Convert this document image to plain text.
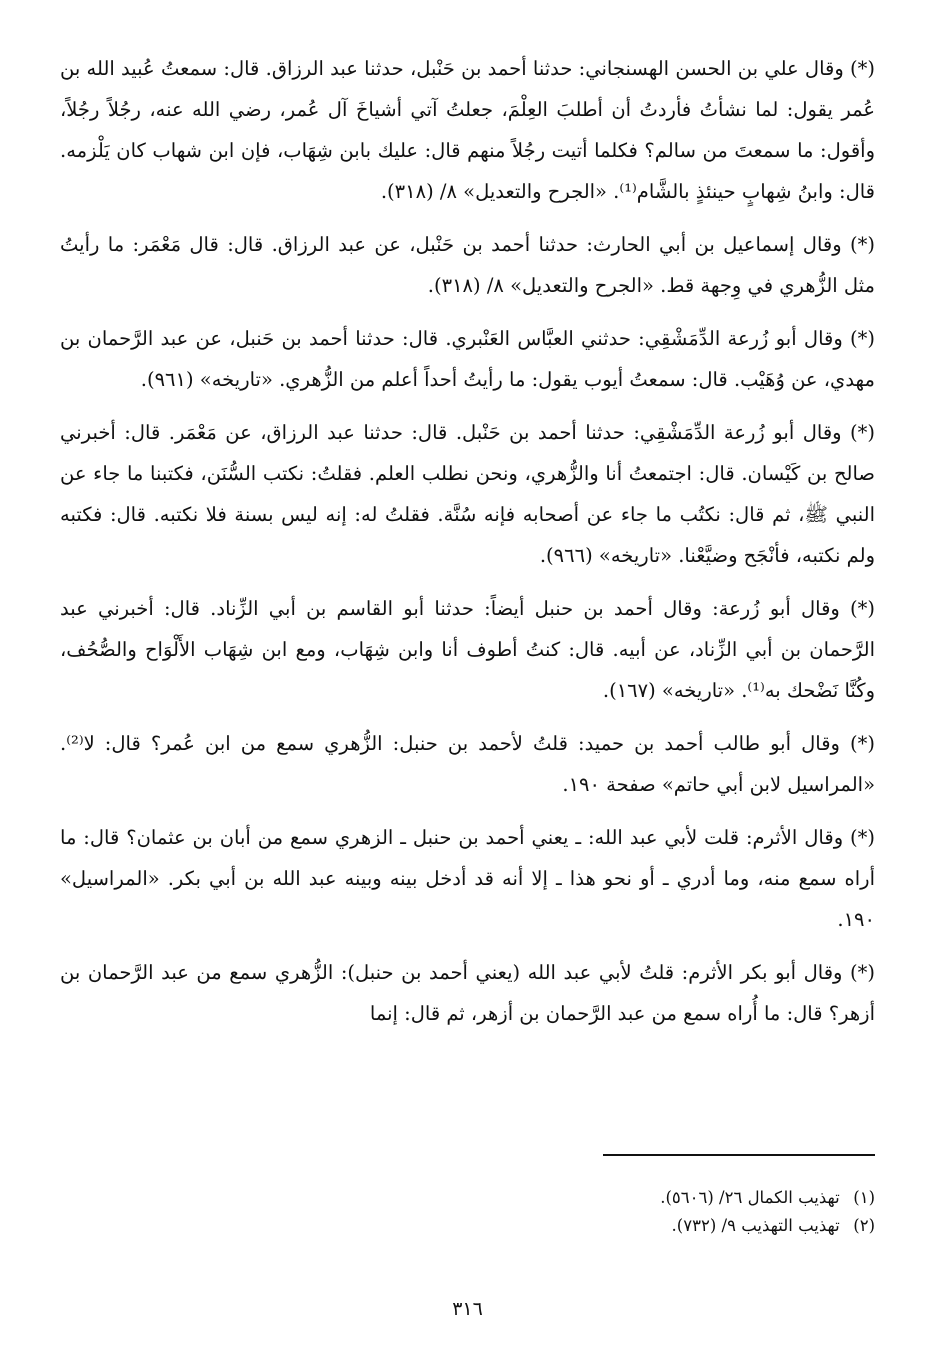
(*) وقال علي بن الحسن الهسنجاني: حدثنا أحمد بن حَنْبل، حدثنا عبد الرزاق. قال: سمعتُ عُبيد الله بن عُمر يقول: لما نشأتُ فأردتُ أن أطلبَ العِلْمَ، جعلتُ آتي أشياخَ آل عُمر، رضي الله عنه، رجُلاً رجُلاً، وأقول: ما سمعتَ من سالم؟ فكلما أتيت رجُلاً منهم قال: عليك بابن شِهَاب، فإن ابن شهاب كان يَلْزمه. قال: وابنُ شِهابٍ حينئذٍ بالشَّام⁽¹⁾. «الجرح والتعديل» ٨/ (٣١٨).

(*) وقال إسماعيل بن أبي الحارث: حدثنا أحمد بن حَنْبل، عن عبد الرزاق. قال: قال مَعْمَر: ما رأيتُ مثل الزُّهري في وِجهة قط. «الجرح والتعديل» ٨/ (٣١٨).

(*) وقال أبو زُرعة الدِّمَشْقِي: حدثني العبَّاس العَنْبري. قال: حدثنا أحمد بن حَنبل، عن عبد الرَّحمان بن مهدي، عن وُهَيْب. قال: سمعتُ أيوب يقول: ما رأيتُ أحداً أعلم من الزُّهري. «تاريخه» (٩٦١).

(*) وقال أبو زُرعة الدِّمَشْقِي: حدثنا أحمد بن حَنْبل. قال: حدثنا عبد الرزاق، عن مَعْمَر. قال: أخبرني صالح بن كَيْسان. قال: اجتمعتُ أنا والزُّهري، ونحن نطلب العلم. فقلتُ: نكتب السُّنَن، فكتبنا ما جاء عن النبي ﷺ، ثم قال: نكتُب ما جاء عن أصحابه فإنه سُنَّة. فقلتُ له: إنه ليس بسنة فلا نكتبه. قال: فكتبه ولم نكتبه، فأنْجَح وضيَّعْنا. «تاريخه» (٩٦٦).

(*) وقال أبو زُرعة: وقال أحمد بن حنبل أيضاً: حدثنا أبو القاسم بن أبي الزِّناد. قال: أخبرني عبد الرَّحمان بن أبي الزِّناد، عن أبيه. قال: كنتُ أطوف أنا وابن شِهَاب، ومع ابن شِهَاب الأَلْوَاح والصُّحُف، وكُنَّا نَضْحك به⁽¹⁾. «تاريخه» (١٦٧).

(*) وقال أبو طالب أحمد بن حميد: قلتُ لأحمد بن حنبل: الزُّهري سمع من ابن عُمر؟ قال: لا⁽²⁾. «المراسيل لابن أبي حاتم» صفحة ١٩٠.

(*) وقال الأثرم: قلت لأبي عبد الله: ـ يعني أحمد بن حنبل ـ الزهري سمع من أبان بن عثمان؟ قال: ما أراه سمع منه، وما أدري ـ أو نحو هذا ـ إلا أنه قد أدخل بينه وبينه عبد الله بن أبي بكر. «المراسيل» ١٩٠.

(*) وقال أبو بكر الأثرم: قلتُ لأبي عبد الله (يعني أحمد بن حنبل): الزُّهري سمع من عبد الرَّحمان بن أزهر؟ قال: ما أُراه سمع من عبد الرَّحمان بن أزهر، ثم قال: إنما

(١) تهذيب الكمال ٢٦/ (٥٦٠٦).

(٢) تهذيب التهذيب ٩/ (٧٣٢).

٣١٦
